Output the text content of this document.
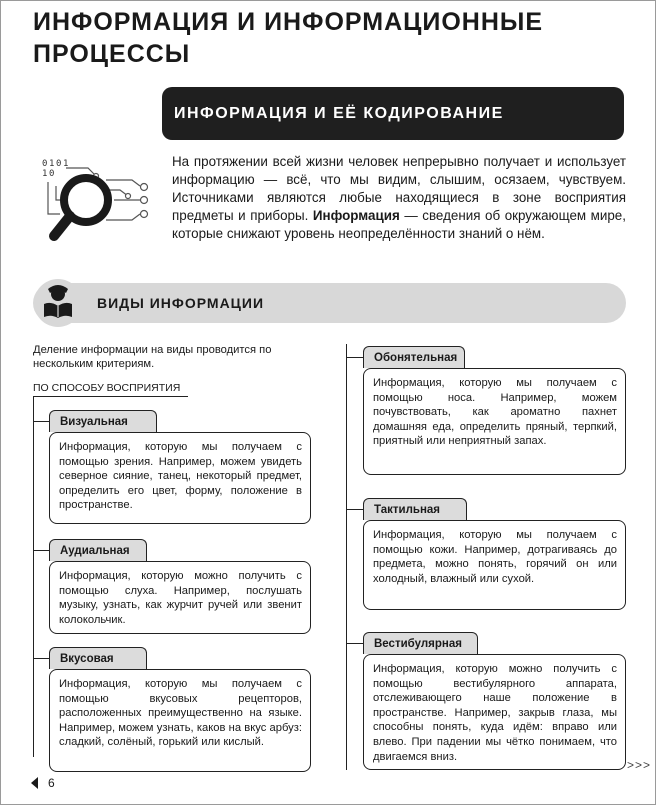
ИНФОРМАЦИЯ И ИНФОРМАЦИОННЫЕ
ПРОЦЕССЫ
ИНФОРМАЦИЯ И ЕЁ КОДИРОВАНИЕ
0 1 0 1
1 0

На протяжении всей жизни человек непрерывно получает и использует информацию — всё, что мы видим, слышим, осязаем, чувствуем. Источниками являются любые находящиеся в зоне восприятия предметы и приборы. Информация — сведения об окружающем мире, которые снижают уровень неопределённости знаний о нём.

ВИДЫ ИНФОРМАЦИИ

Деление информации на виды проводится по нескольким критериям.

ПО СПОСОБУ ВОСПРИЯТИЯ
Визуальная
Информация, которую мы получаем с помощью зрения. Например, можем увидеть северное сияние, танец, некоторый предмет, определить его цвет, форму, положение в пространстве.
Аудиальная
Информация, которую можно получить с помощью слуха. Например, послушать музыку, узнать, как журчит ручей или звенит колокольчик.
Вкусовая
Информация, которую мы получаем с помощью вкусовых рецепторов, расположенных преимущественно на языке. Например, можем узнать, каков на вкус арбуз: сладкий, солёный, горький или кислый.
Обонятельная
Информация, которую мы получаем с помощью носа. Например, можем почувствовать, как ароматно пахнет домашняя еда, определить пряный, терпкий, приятный или неприятный запах.
Тактильная
Информация, которую мы получаем с помощью кожи. Например, дотрагиваясь до предмета, можно понять, горячий он или холодный, влажный или сухой.
Вестибулярная
Информация, которую можно получить с помощью вестибулярного аппарата, отслеживающего наше положение в пространстве. Например, закрыв глаза, мы способны понять, куда идём: вправо или влево. При падении мы чётко понимаем, что двигаемся вниз.
6
>>>
